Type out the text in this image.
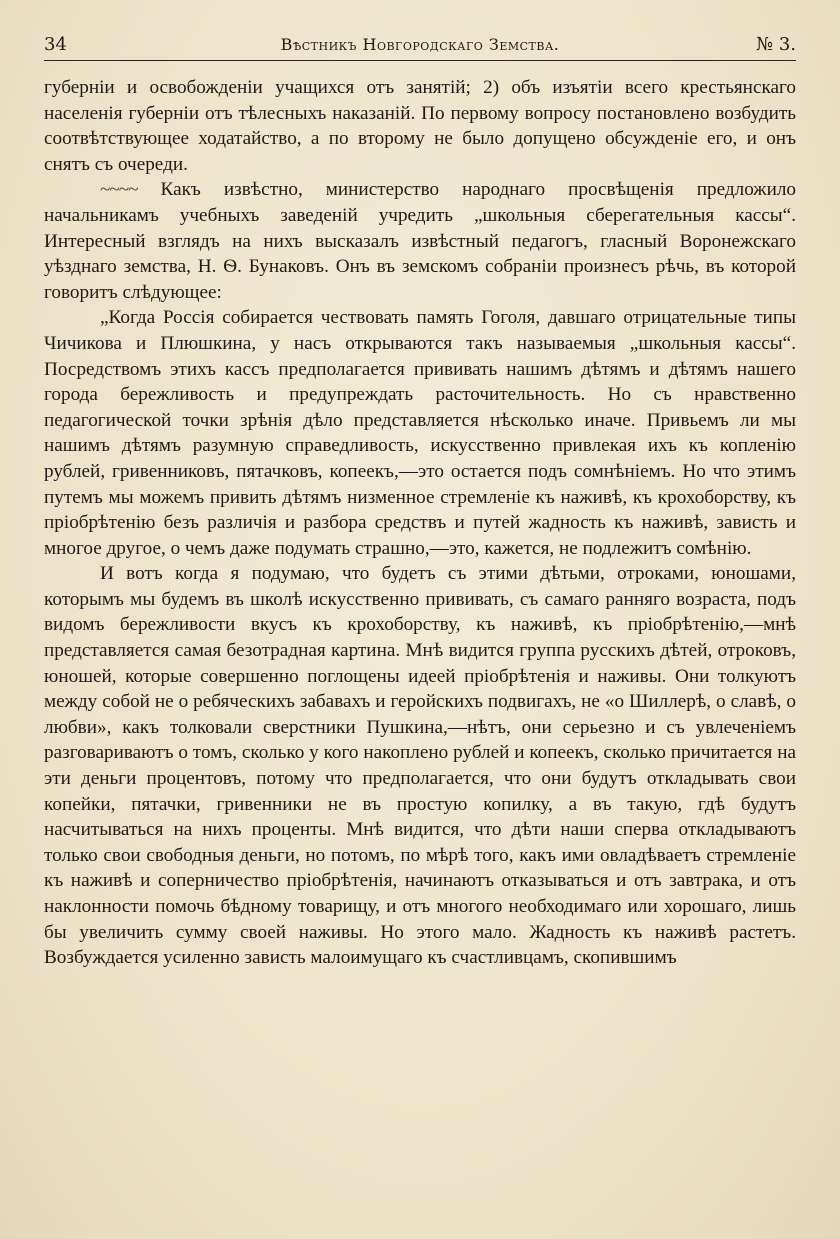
34	Вѣстникъ Новгородскаго Земства.	№ 3.

губерніи и освобожденіи учащихся отъ занятій; 2) объ изъятіи всего крестьянскаго населенія губерніи отъ тѣлесныхъ наказаній. По первому вопросу постановлено возбудить соотвѣтствующее ходатайство, а по второму не было допущено обсужденіе его, и онъ снятъ съ очереди.

~~~~ Какъ извѣстно, министерство народнаго просвѣщенія предложило начальникамъ учебныхъ заведеній учредить „школьныя сберегательныя кассы“. Интересный взглядъ на нихъ высказалъ извѣстный педагогъ, гласный Воронежскаго уѣзднаго земства, Н. Ѳ. Бунаковъ. Онъ въ земскомъ собраніи произнесъ рѣчь, въ которой говоритъ слѣдующее:

„Когда Россія собирается чествовать память Гоголя, давшаго отрицательные типы Чичикова и Плюшкина, у насъ открываются такъ называемыя „школьныя кассы“. Посредствомъ этихъ кассъ предполагается прививать нашимъ дѣтямъ и дѣтямъ нашего города бережливость и предупреждать расточительность. Но съ нравственно педагогической точки зрѣнія дѣло представляется нѣсколько иначе. Привьемъ ли мы нашимъ дѣтямъ разумную справедливость, искусственно привлекая ихъ къ копленію рублей, гривенниковъ, пятачковъ, копеекъ,—это остается подъ сомнѣніемъ. Но что этимъ путемъ мы можемъ привить дѣтямъ низменное стремленіе къ наживѣ, къ крохоборству, къ пріобрѣтенію безъ различія и разбора средствъ и путей жадность къ наживѣ, зависть и многое другое, о чемъ даже подумать страшно,—это, кажется, не подлежитъ сомѣнію.

И вотъ когда я подумаю, что будетъ съ этими дѣтьми, отроками, юношами, которымъ мы будемъ въ школѣ искусственно прививать, съ самаго ранняго возраста, подъ видомъ бережливости вкусъ къ крохоборству, къ наживѣ, къ пріобрѣтенію,—мнѣ представляется самая безотрадная картина. Мнѣ видится группа русскихъ дѣтей, отроковъ, юношей, которые совершенно поглощены идеей пріобрѣтенія и наживы. Они толкуютъ между собой не о ребяческихъ забавахъ и геройскихъ подвигахъ, не «о Шиллерѣ, о славѣ, о любви», какъ толковали сверстники Пушкина,—нѣтъ, они серьезно и съ увлеченіемъ разговариваютъ о томъ, сколько у кого накоплено рублей и копеекъ, сколько причитается на эти деньги процентовъ, потому что предполагается, что они будутъ откладывать свои копейки, пятачки, гривенники не въ простую копилку, а въ такую, гдѣ будутъ насчитываться на нихъ проценты. Мнѣ видится, что дѣти наши сперва откладываютъ только свои свободныя деньги, но потомъ, по мѣрѣ того, какъ ими овладѣваетъ стремленіе къ наживѣ и соперничество пріобрѣтенія, начинаютъ отказываться и отъ завтрака, и отъ наклонности помочь бѣдному товарищу, и отъ многого необходимаго или хорошаго, лишь бы увеличить сумму своей наживы. Но этого мало. Жадность къ наживѣ растетъ. Возбуждается усиленно зависть малоимущаго къ счастливцамъ, скопившимъ
